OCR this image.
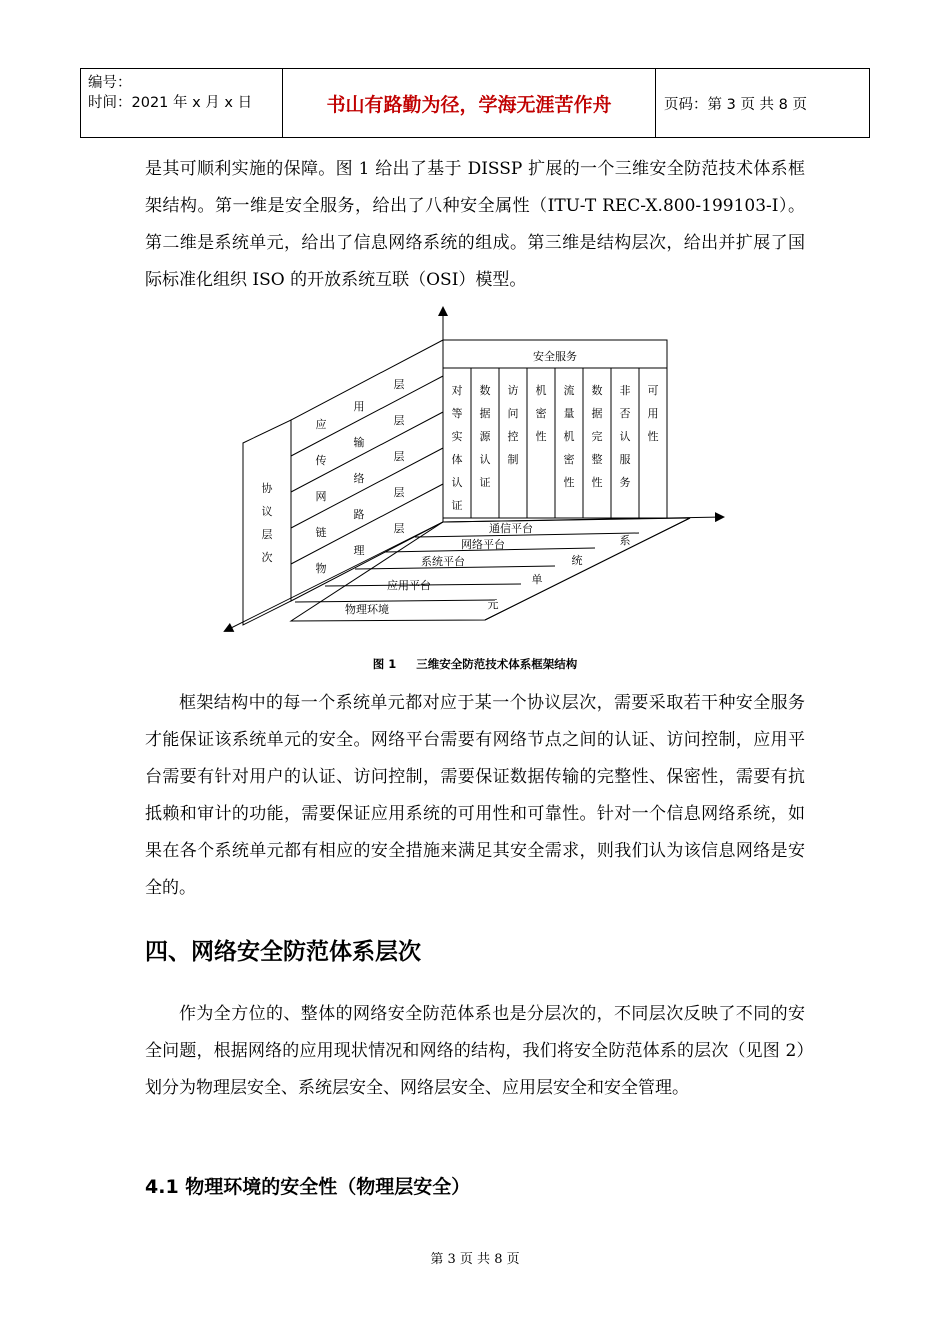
编号：
时间：2021 年 x 月 x 日	书山有路勤为径，学海无涯苦作舟	页码：第 3 页 共 8 页

是其可顺利实施的保障。图 1 给出了基于 DISSP 扩展的一个三维安全防范技术体系框架结构。第一维是安全服务，给出了八种安全属性（ITU-T REC-X.800-199103-I）。第二维是系统单元，给出了信息网络系统的组成。第三维是结构层次，给出并扩展了国际标准化组织 ISO 的开放系统互联（OSI）模型。

安全服务
对
等
实
体
认
证
数
据
源
认
证
访
问
控
制
机
密
性
流
量
机
密
性
数
据
完
整
性
非
否
认
服
务
可
用
性
协
议
层
次
应
用
层
传
输
层
网
络
层
链
路
层
物
理
层	通信平台
网络平台
系统平台
应用平台
物理环境
系
统
单
元
图 1 三维安全防范技术体系框架结构

框架结构中的每一个系统单元都对应于某一个协议层次，需要采取若干种安全服务才能保证该系统单元的安全。网络平台需要有网络节点之间的认证、访问控制，应用平台需要有针对用户的认证、访问控制，需要保证数据传输的完整性、保密性，需要有抗抵赖和审计的功能，需要保证应用系统的可用性和可靠性。针对一个信息网络系统，如果在各个系统单元都有相应的安全措施来满足其安全需求，则我们认为该信息网络是安全的。

四、网络安全防范体系层次

作为全方位的、整体的网络安全防范体系也是分层次的，不同层次反映了不同的安全问题，根据网络的应用现状情况和网络的结构，我们将安全防范体系的层次（见图 2）划分为物理层安全、系统层安全、网络层安全、应用层安全和安全管理。

4.1 物理环境的安全性（物理层安全）
第 3 页 共 8 页
